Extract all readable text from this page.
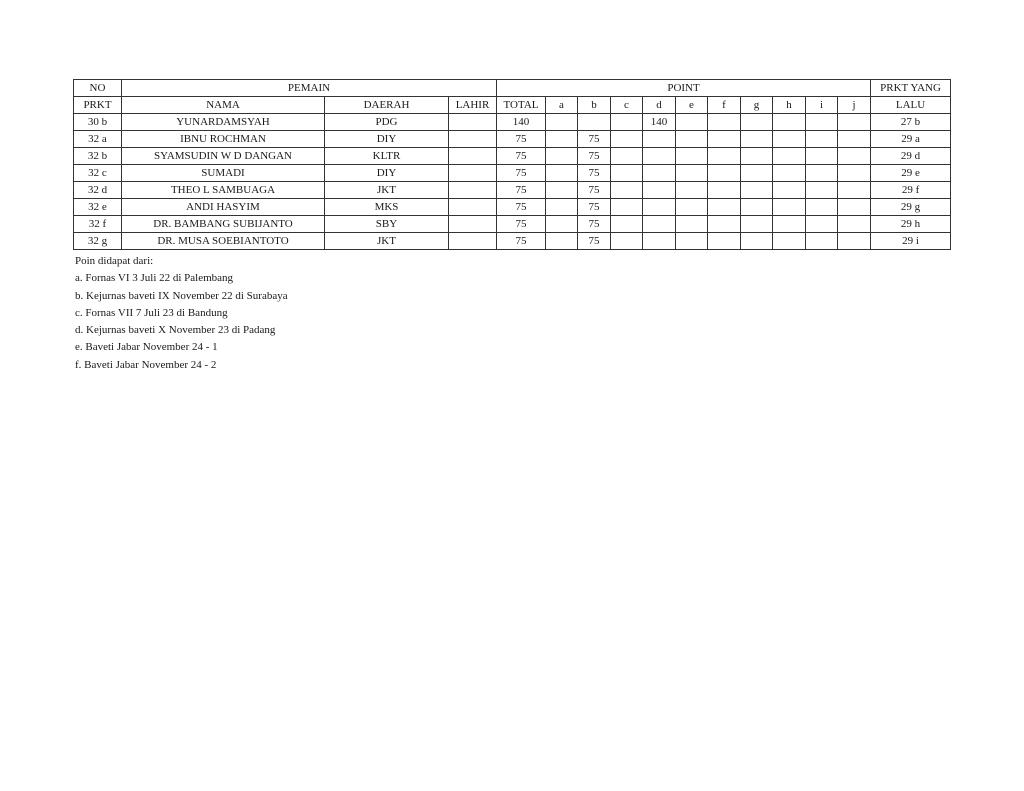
NO	PEMAIN			POINT											PRKT YANG
PRKT	NAMA	DAERAH	LAHIR	TOTAL	a	b	c	d	e	f	g	h	i	j	LALU
30 b	YUNARDAMSYAH	PDG		140				140							27 b
32 a	IBNU ROCHMAN	DIY		75		75									29 a
32 b	SYAMSUDIN W D DANGAN	KLTR		75		75									29 d
32 c	SUMADI	DIY		75		75									29 e
32 d	THEO L SAMBUAGA	JKT		75		75									29 f
32 e	ANDI HASYIM	MKS		75		75									29 g
32 f	DR. BAMBANG SUBIJANTO	SBY		75		75									29 h
32 g	DR. MUSA SOEBIANTOTO	JKT		75		75									29 i
Poin didapat dari:
a. Fornas VI 3 Juli 22 di Palembang
b. Kejurnas baveti IX November 22 di Surabaya
c. Fornas VII 7 Juli 23 di Bandung
d. Kejurnas baveti X November 23 di Padang
e. Baveti Jabar November 24 - 1
f. Baveti Jabar November 24 - 2
